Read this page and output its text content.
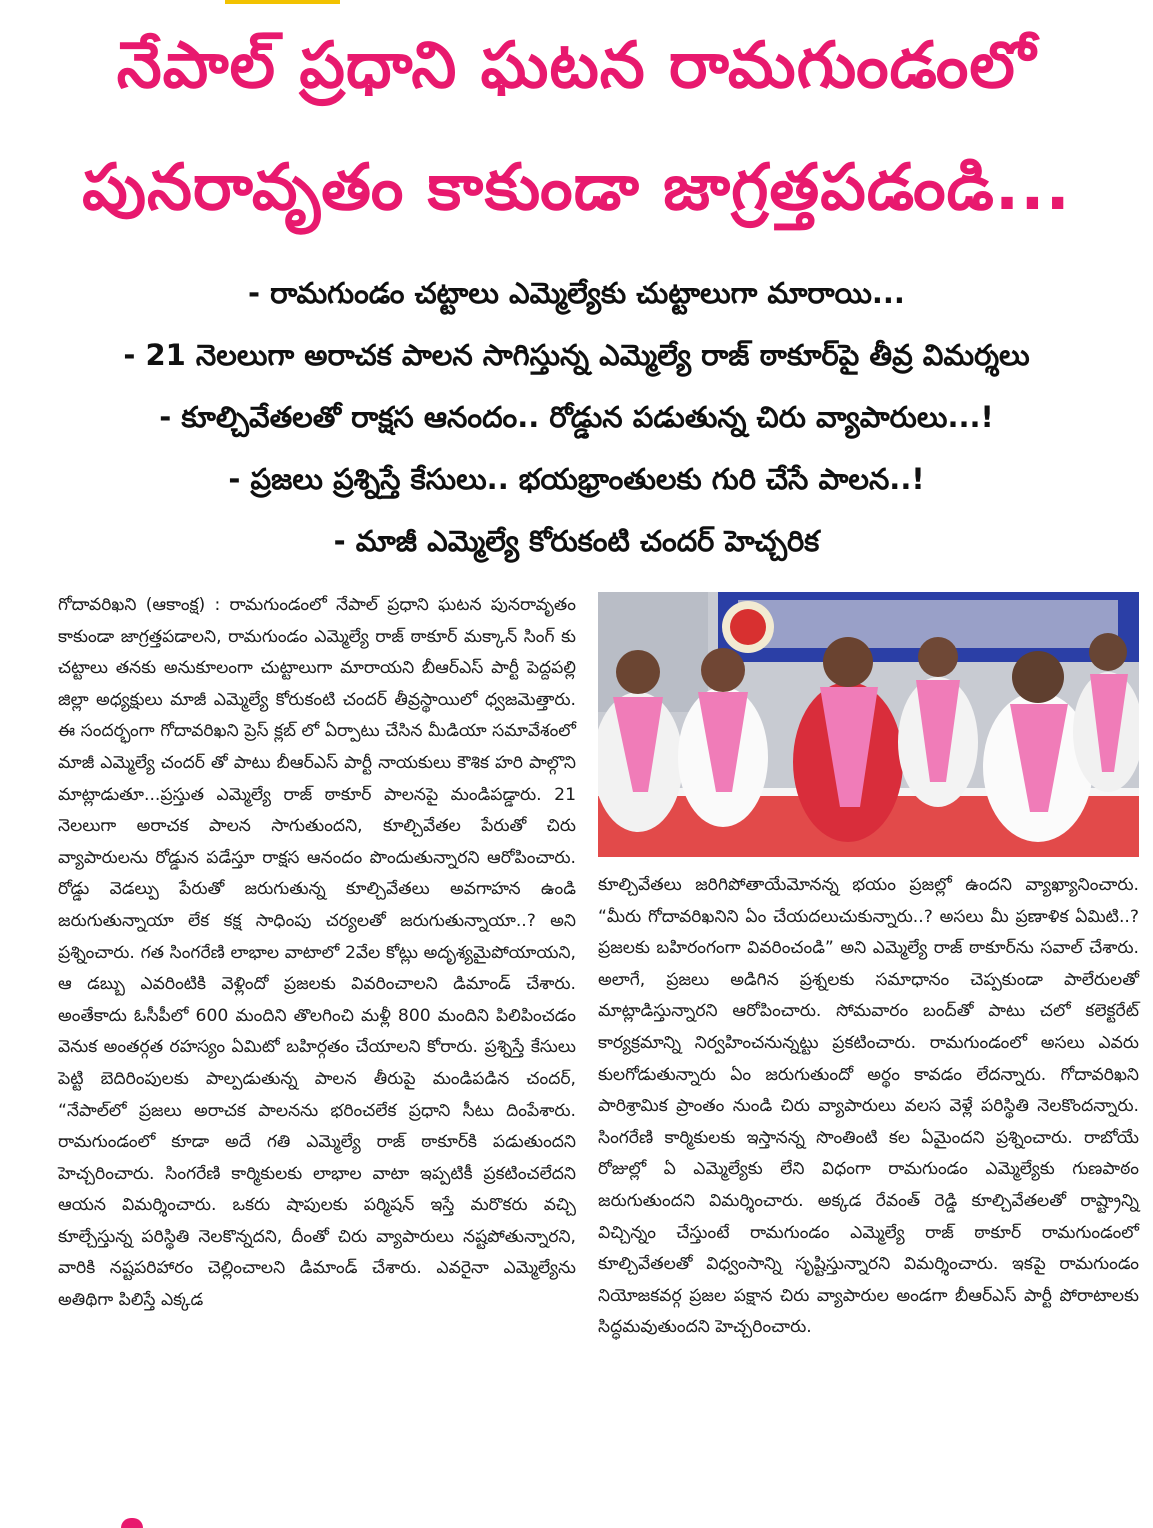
నేపాల్ ప్రధాని ఘటన రామగుండంలో
పునరావృతం కాకుండా జాగ్రత్తపడండి...
- రామగుండం చట్టాలు ఎమ్మెల్యేకు చుట్టాలుగా మారాయి...
- 21 నెలలుగా అరాచక పాలన సాగిస్తున్న ఎమ్మెల్యే రాజ్ ఠాకూర్‌పై తీవ్ర విమర్శలు
- కూల్చివేతలతో రాక్షస ఆనందం.. రోడ్డున పడుతున్న చిరు వ్యాపారులు...!
- ప్రజలు ప్రశ్నిస్తే కేసులు.. భయభ్రాంతులకు గురి చేసే పాలన..!
- మాజీ ఎమ్మెల్యే కోరుకంటి చందర్ హెచ్చరిక

గోదావరిఖని (ఆకాంక్ష) : రామగుండంలో నేపాల్ ప్రధాని ఘటన పునరావృతం కాకుండా జాగ్రత్తపడాలని, రామగుండం ఎమ్మెల్యే రాజ్ ఠాకూర్ మక్కాన్ సింగ్ కు చట్టాలు తనకు అనుకూలంగా చుట్టాలుగా మారాయని బీఆర్ఎస్ పార్టీ పెద్దపల్లి జిల్లా అధ్యక్షులు మాజీ ఎమ్మెల్యే కోరుకంటి చందర్ తీవ్రస్థాయిలో ధ్వజమెత్తారు. ఈ సందర్భంగా గోదావరిఖని ప్రెస్ క్లబ్ లో ఏర్పాటు చేసిన మీడియా సమావేశంలో మాజీ ఎమ్మెల్యే చందర్ తో పాటు బీఆర్ఎస్ పార్టీ నాయకులు కౌశిక హరి పాల్గొని మాట్లాడుతూ...ప్రస్తుత ఎమ్మెల్యే రాజ్ ఠాకూర్ పాలనపై మండిపడ్డారు. 21 నెలలుగా అరాచక పాలన సాగుతుందని, కూల్చివేతల పేరుతో చిరు వ్యాపారులను రోడ్డున పడేస్తూ రాక్షస ఆనందం పొందుతున్నారని ఆరోపించారు. రోడ్డు వెడల్పు పేరుతో జరుగుతున్న కూల్చివేతలు అవగాహన ఉండి జరుగుతున్నాయా లేక కక్ష సాధింపు చర్యలతో జరుగుతున్నాయా..? అని ప్రశ్నించారు. గత సింగరేణి లాభాల వాటాలో 2వేల కోట్లు అదృశ్యమైపోయాయని, ఆ డబ్బు ఎవరింటికి వెళ్లిందో ప్రజలకు వివరించాలని డిమాండ్ చేశారు. అంతేకాదు ఓసీపీలో 600 మందిని తొలగించి మళ్లీ 800 మందిని పిలిపించడం వెనుక అంతర్గత రహస్యం ఏమిటో బహిర్గతం చేయాలని కోరారు. ప్రశ్నిస్తే కేసులు పెట్టి బెదిరింపులకు పాల్పడుతున్న పాలన తీరుపై మండిపడిన చందర్, “నేపాల్‌లో ప్రజలు అరాచక పాలనను భరించలేక ప్రధాని సీటు దింపేశారు. రామగుండంలో కూడా అదే గతి ఎమ్మెల్యే రాజ్ ఠాకూర్‌కి పడుతుందని హెచ్చరించారు. సింగరేణి కార్మికులకు లాభాల వాటా ఇప్పటికీ ప్రకటించలేదని ఆయన విమర్శించారు. ఒకరు షాపులకు పర్మిషన్ ఇస్తే మరొకరు వచ్చి కూల్చేస్తున్న పరిస్థితి నెలకొన్నదని, దీంతో చిరు వ్యాపారులు నష్టపోతున్నారని, వారికి నష్టపరిహారం చెల్లించాలని డిమాండ్ చేశారు. ఎవరైనా ఎమ్మెల్యేను అతిథిగా పిలిస్తే ఎక్కడ

కూల్చివేతలు జరిగిపోతాయేమోనన్న భయం ప్రజల్లో ఉందని వ్యాఖ్యానించారు. “మీరు గోదావరిఖనిని ఏం చేయదలుచుకున్నారు..? అసలు మీ ప్రణాళిక ఏమిటి..? ప్రజలకు బహిరంగంగా వివరించండి” అని ఎమ్మెల్యే రాజ్ ఠాకూర్‌ను సవాల్ చేశారు. అలాగే, ప్రజలు అడిగిన ప్రశ్నలకు సమాధానం చెప్పకుండా పాలేరులతో మాట్లాడిస్తున్నారని ఆరోపించారు. సోమవారం బంద్‌తో పాటు చలో కలెక్టరేట్ కార్యక్రమాన్ని నిర్వహించనున్నట్టు ప్రకటించారు. రామగుండంలో అసలు ఎవరు కులగోడుతున్నారు ఏం జరుగుతుందో అర్థం కావడం లేదన్నారు. గోదావరిఖని పారిశ్రామిక ప్రాంతం నుండి చిరు వ్యాపారులు వలస వెళ్లే పరిస్థితి నెలకొందన్నారు. సింగరేణి కార్మికులకు ఇస్తానన్న సొంతింటి కల ఏమైందని ప్రశ్నించారు. రాబోయే రోజుల్లో ఏ ఎమ్మెల్యేకు లేని విధంగా రామగుండం ఎమ్మెల్యేకు గుణపాఠం జరుగుతుందని విమర్శించారు. అక్కడ రేవంత్ రెడ్డి కూల్చివేతలతో రాష్ట్రాన్ని విచ్చిన్నం చేస్తుంటే రామగుండం ఎమ్మెల్యే రాజ్ ఠాకూర్ రామగుండంలో కూల్చివేతలతో విధ్వంసాన్ని సృష్టిస్తున్నారని విమర్శించారు. ఇకపై రామగుండం నియోజకవర్గ ప్రజల పక్షాన చిరు వ్యాపారుల అండగా బీఆర్ఎస్ పార్టీ పోరాటాలకు సిద్ధమవుతుందని హెచ్చరించారు.
